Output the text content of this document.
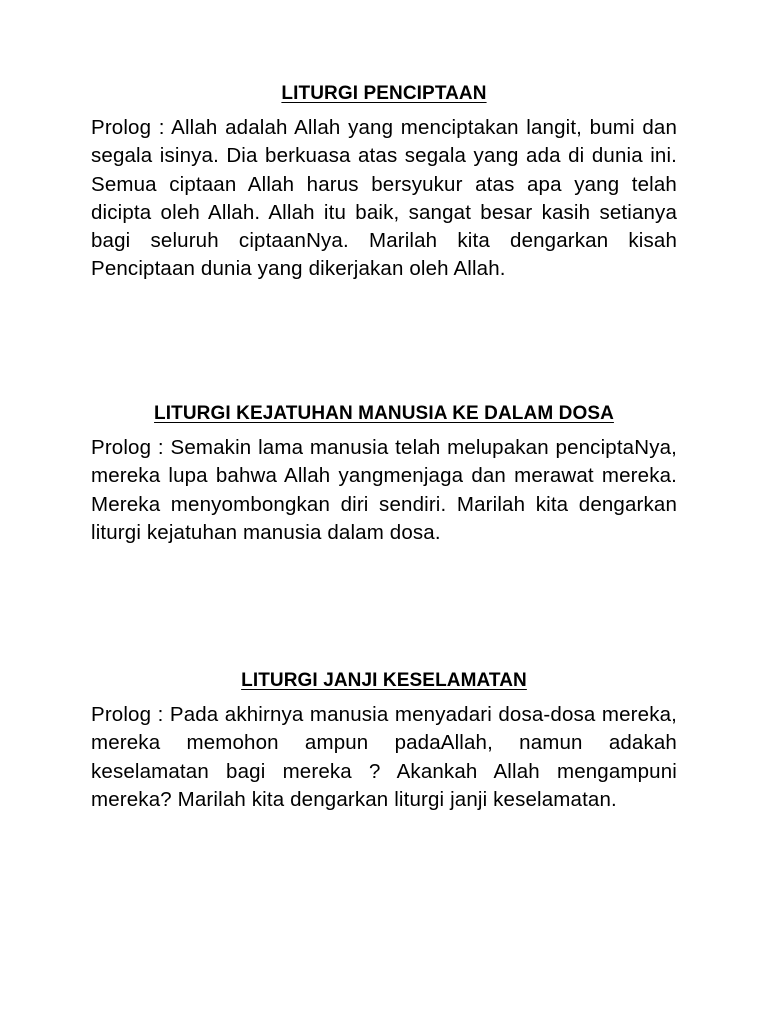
LITURGI PENCIPTAAN

Prolog : Allah adalah Allah yang menciptakan langit, bumi dan segala isinya. Dia berkuasa atas segala yang ada di dunia ini. Semua ciptaan Allah harus bersyukur atas apa yang telah dicipta oleh Allah. Allah itu baik, sangat besar kasih setianya bagi seluruh ciptaanNya. Marilah kita dengarkan kisah Penciptaan dunia yang dikerjakan oleh Allah.

LITURGI KEJATUHAN MANUSIA KE DALAM DOSA

Prolog : Semakin lama manusia telah melupakan penciptaNya, mereka lupa bahwa Allah yangmenjaga dan merawat mereka. Mereka menyombongkan diri sendiri. Marilah kita dengarkan liturgi kejatuhan manusia dalam dosa.

LITURGI JANJI KESELAMATAN

Prolog : Pada akhirnya manusia menyadari dosa-dosa mereka, mereka memohon ampun padaAllah, namun adakah keselamatan bagi mereka ? Akankah Allah mengampuni mereka? Marilah kita dengarkan liturgi janji keselamatan.
